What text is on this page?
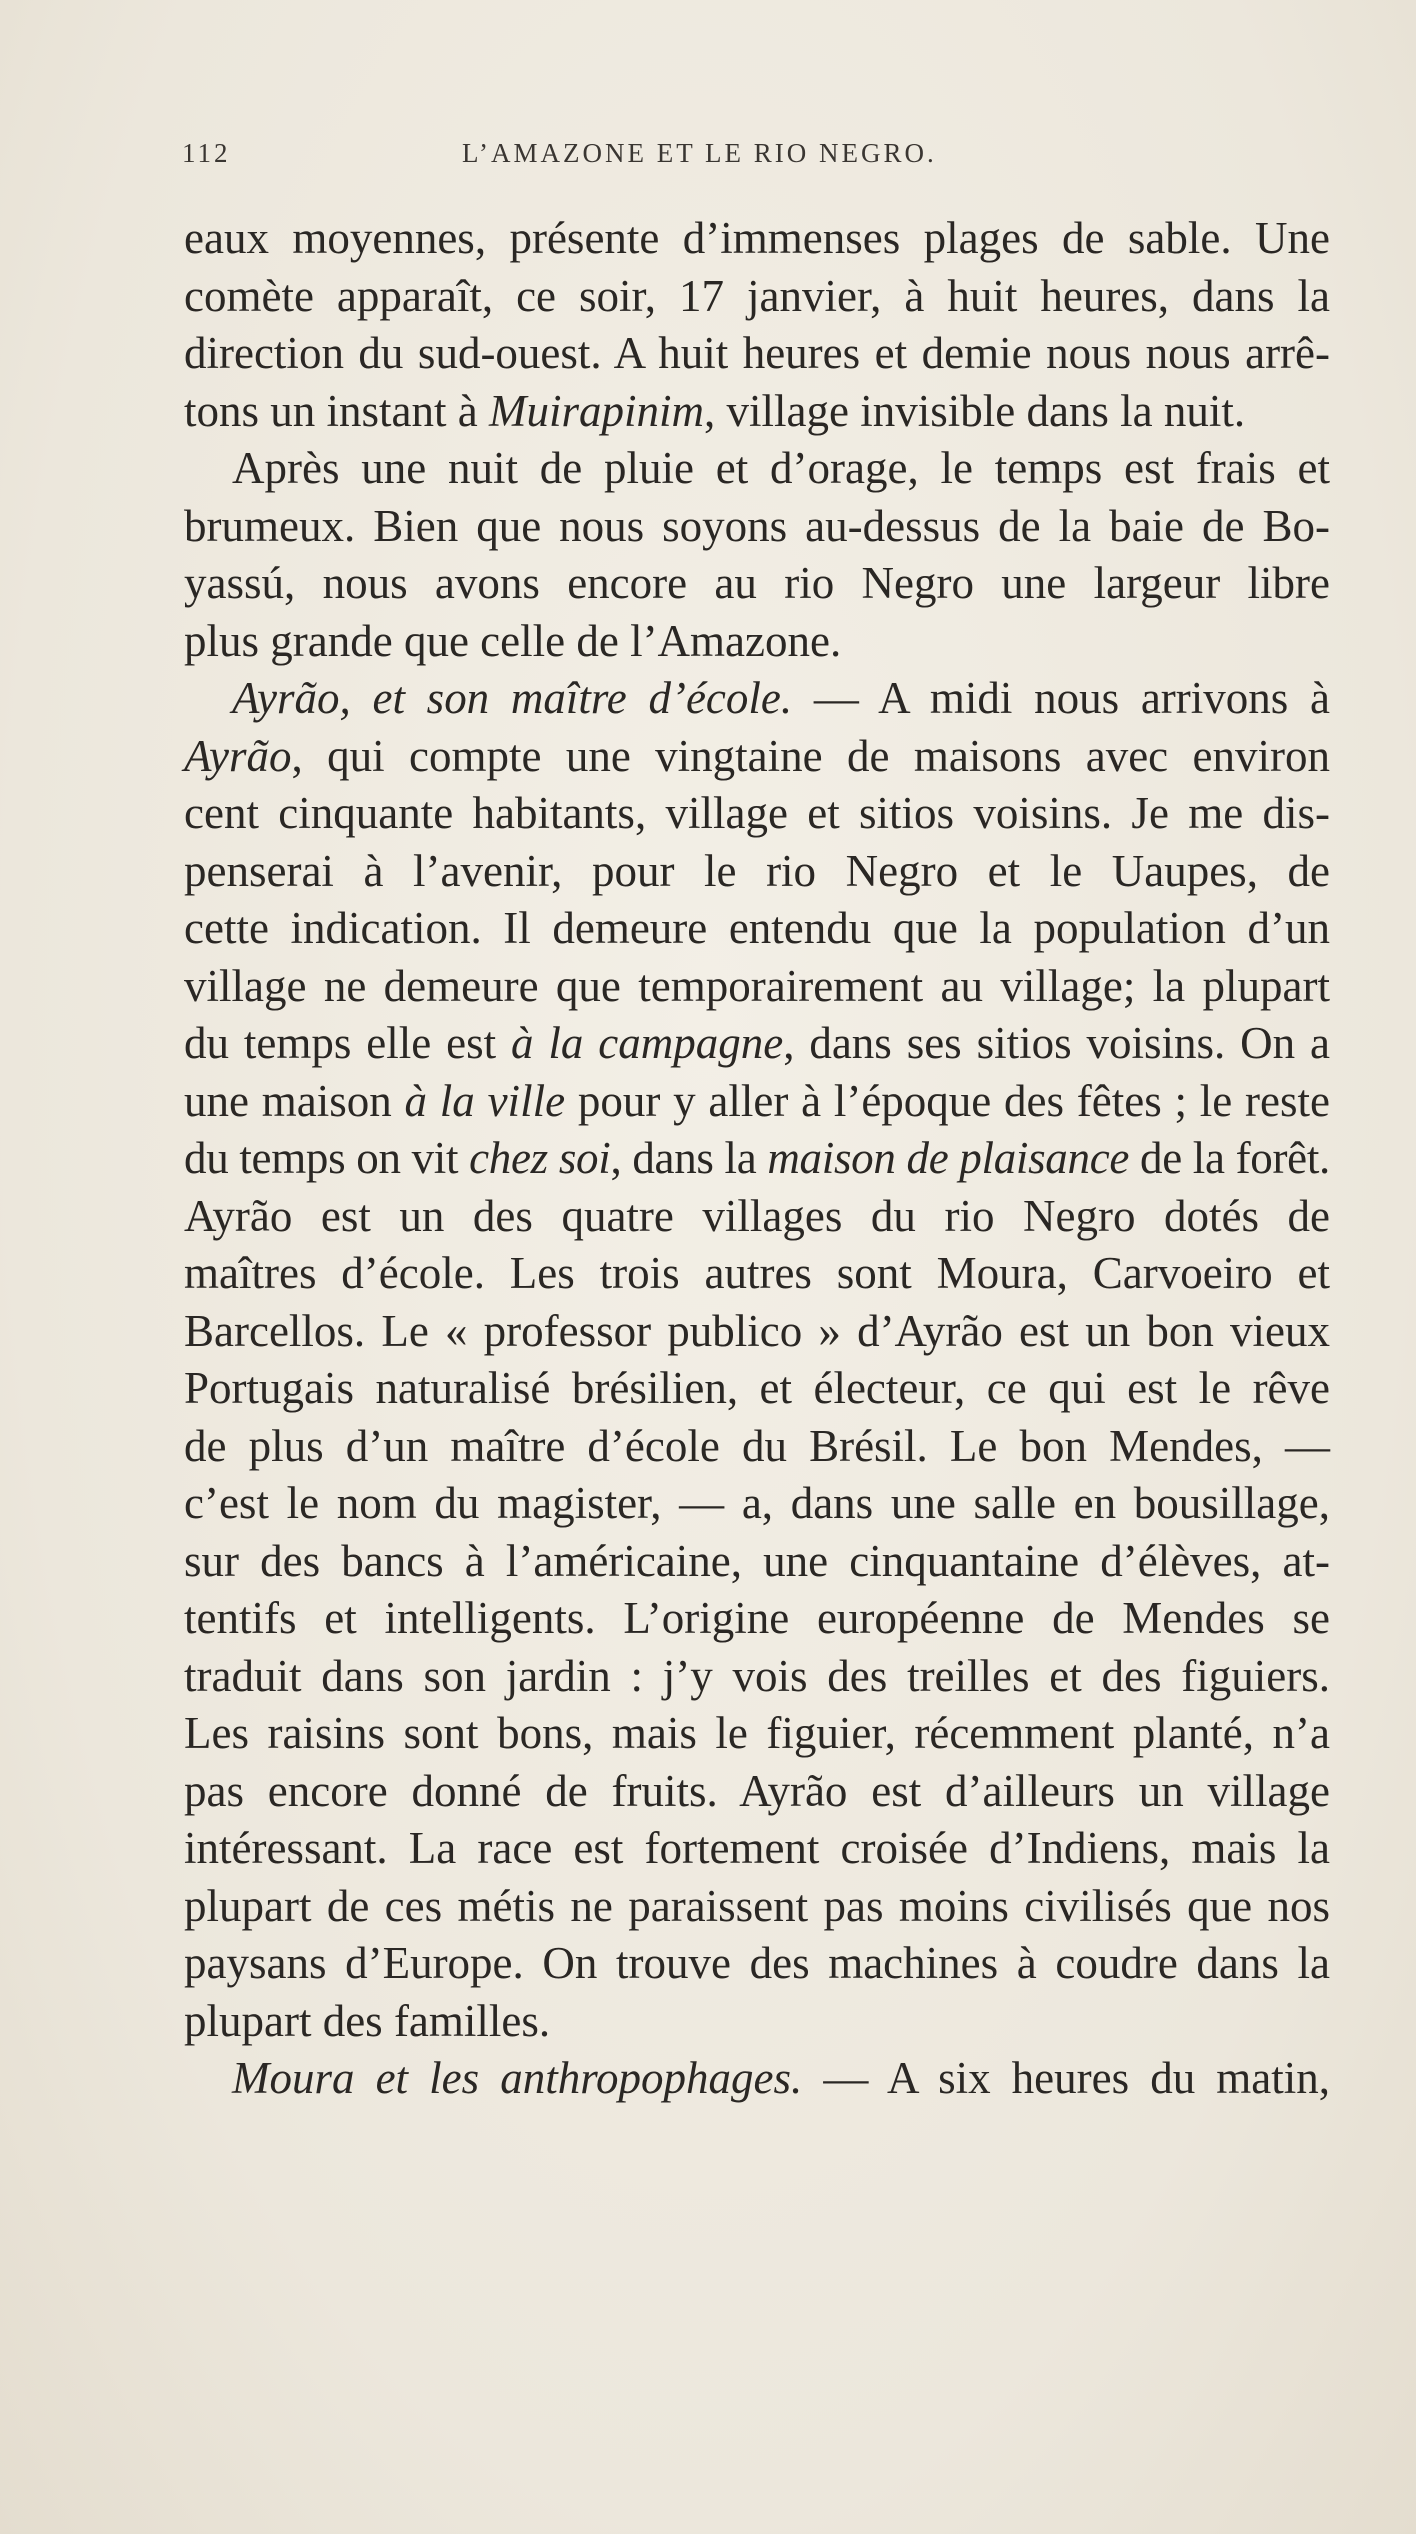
112	L’AMAZONE ET LE RIO NEGRO.
eaux moyennes, présente d’immenses plages de sable. Une
comète apparaît, ce soir, 17 janvier, à huit heures, dans la
direction du sud-ouest. A huit heures et demie nous nous arrê-
tons un instant à Muirapinim, village invisible dans la nuit.
Après une nuit de pluie et d’orage, le temps est frais et
brumeux. Bien que nous soyons au-dessus de la baie de Bo-
yassú, nous avons encore au rio Negro une largeur libre
plus grande que celle de l’Amazone.
Ayrão, et son maître d’école. — A midi nous arrivons à
Ayrão, qui compte une vingtaine de maisons avec environ
cent cinquante habitants, village et sitios voisins. Je me dis-
penserai à l’avenir, pour le rio Negro et le Uaupes, de
cette indication. Il demeure entendu que la population d’un
village ne demeure que temporairement au village; la plupart
du temps elle est à la campagne, dans ses sitios voisins. On a
une maison à la ville pour y aller à l’époque des fêtes ; le reste
du temps on vit chez soi, dans la maison de plaisance de la forêt.
Ayrão est un des quatre villages du rio Negro dotés de
maîtres d’école. Les trois autres sont Moura, Carvoeiro et
Barcellos. Le « professor publico » d’Ayrão est un bon vieux
Portugais naturalisé brésilien, et électeur, ce qui est le rêve
de plus d’un maître d’école du Brésil. Le bon Mendes, —
c’est le nom du magister, — a, dans une salle en bousillage,
sur des bancs à l’américaine, une cinquantaine d’élèves, at-
tentifs et intelligents. L’origine européenne de Mendes se
traduit dans son jardin : j’y vois des treilles et des figuiers.
Les raisins sont bons, mais le figuier, récemment planté, n’a
pas encore donné de fruits. Ayrão est d’ailleurs un village
intéressant. La race est fortement croisée d’Indiens, mais la
plupart de ces métis ne paraissent pas moins civilisés que nos
paysans d’Europe. On trouve des machines à coudre dans la
plupart des familles.
Moura et les anthropophages. — A six heures du matin,
